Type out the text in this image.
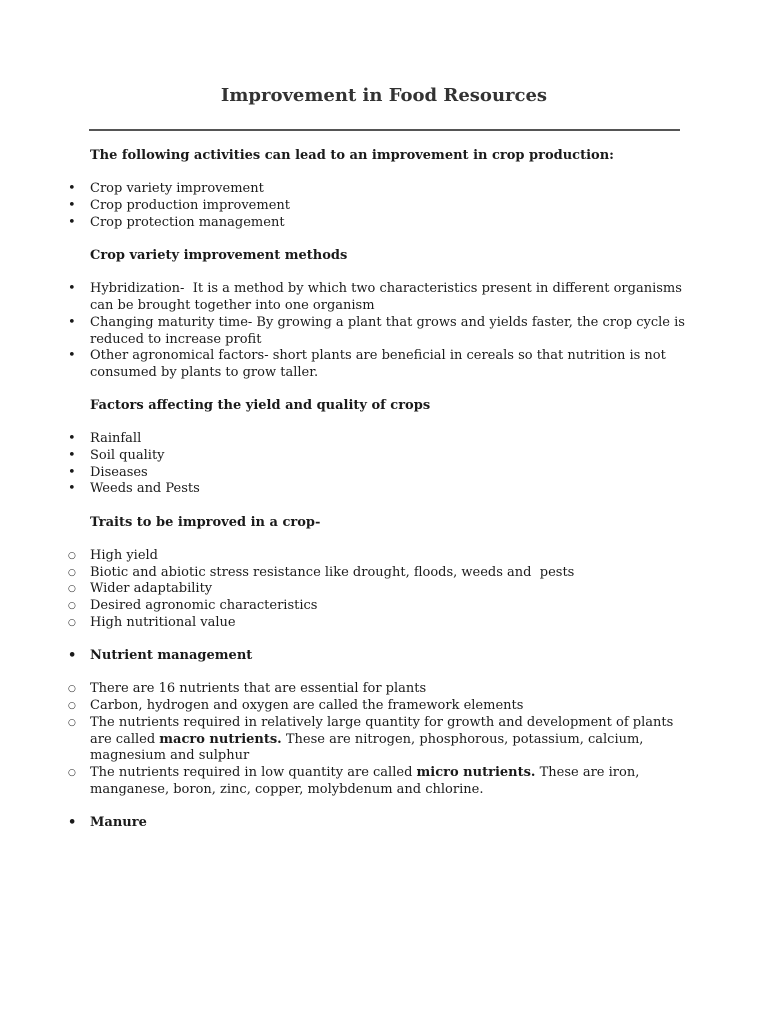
Improvement in Food Resources

The following activities can lead to an improvement in crop production:

•
Crop variety improvement
•
Crop production improvement
•
Crop protection management

Crop variety improvement methods

•
Hybridization-  It is a method by which two characteristics present in different organisms
can be brought together into one organism
•
Changing maturity time- By growing a plant that grows and yields faster, the crop cycle is
reduced to increase profit
•
Other agronomical factors- short plants are beneficial in cereals so that nutrition is not
consumed by plants to grow taller.

Factors affecting the yield and quality of crops

•
Rainfall
•
Soil quality
•
Diseases
•
Weeds and Pests

Traits to be improved in a crop-

○
High yield
○
Biotic and abiotic stress resistance like drought, floods, weeds and  pests
○
Wider adaptability
○
Desired agronomic characteristics
○
High nutritional value
•
Nutrient management
○
There are 16 nutrients that are essential for plants
○
Carbon, hydrogen and oxygen are called the framework elements
○
The nutrients required in relatively large quantity for growth and development of plants
are called macro nutrients. These are nitrogen, phosphorous, potassium, calcium,
magnesium and sulphur
○
The nutrients required in low quantity are called micro nutrients. These are iron,
manganese, boron, zinc, copper, molybdenum and chlorine.
•
Manure
